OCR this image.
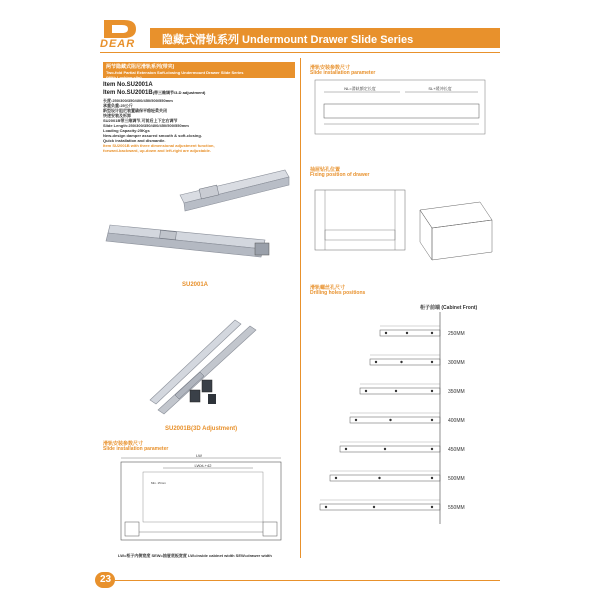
DEAR 隐藏式滑轨系列 Undermount Drawer Slide Series
两节隐藏式阻尼滑轨系列(带夹)
Two-fold Partial Extension Soft-closing Undermount Drawer Slide Series
(With Locking clip)
Item No.SU2001A
Item No.SU2001B(带三维调节/3-D adjustment)
长度:250/300/350/400/450/500/550mm
承重负重:25公斤
新型设计阻尼装置确保平稳轻柔关闭
快速安装及拆卸
SU2001B带三维调节,可前后上下左右调节
Slide Length:250/300/350/400/450/500/550mm
Loading Capacity:25Kgs
New-design damper assured smooth & soft-closing.
Quick installation and dismantle.
Item SU2001B with three dimensional adjustment function,
forward-backward, up-down and left-right are adjustable.
SU2001A
SU2001B(3D Adjustment)
滑轨安装参数尺寸
Slide installation parameter
LW
LW≥L+42
Min. 15mm
LW=柜子内侧宽度 SEW=抽屉底板宽度 LW=inside cabinet width SEW=drawer width
滑轨安装参数尺寸
Slide installation parameter
NL=滑轨额定长度	SL+缓冲长度
抽屉钻孔位置
Fixing position of drawer
滑轨螺丝孔尺寸
Drilling holes positions
柜子前端 (Cabinet Front)
250MM
300MM
350MM
400MM
450MM
500MM
550MM
23
